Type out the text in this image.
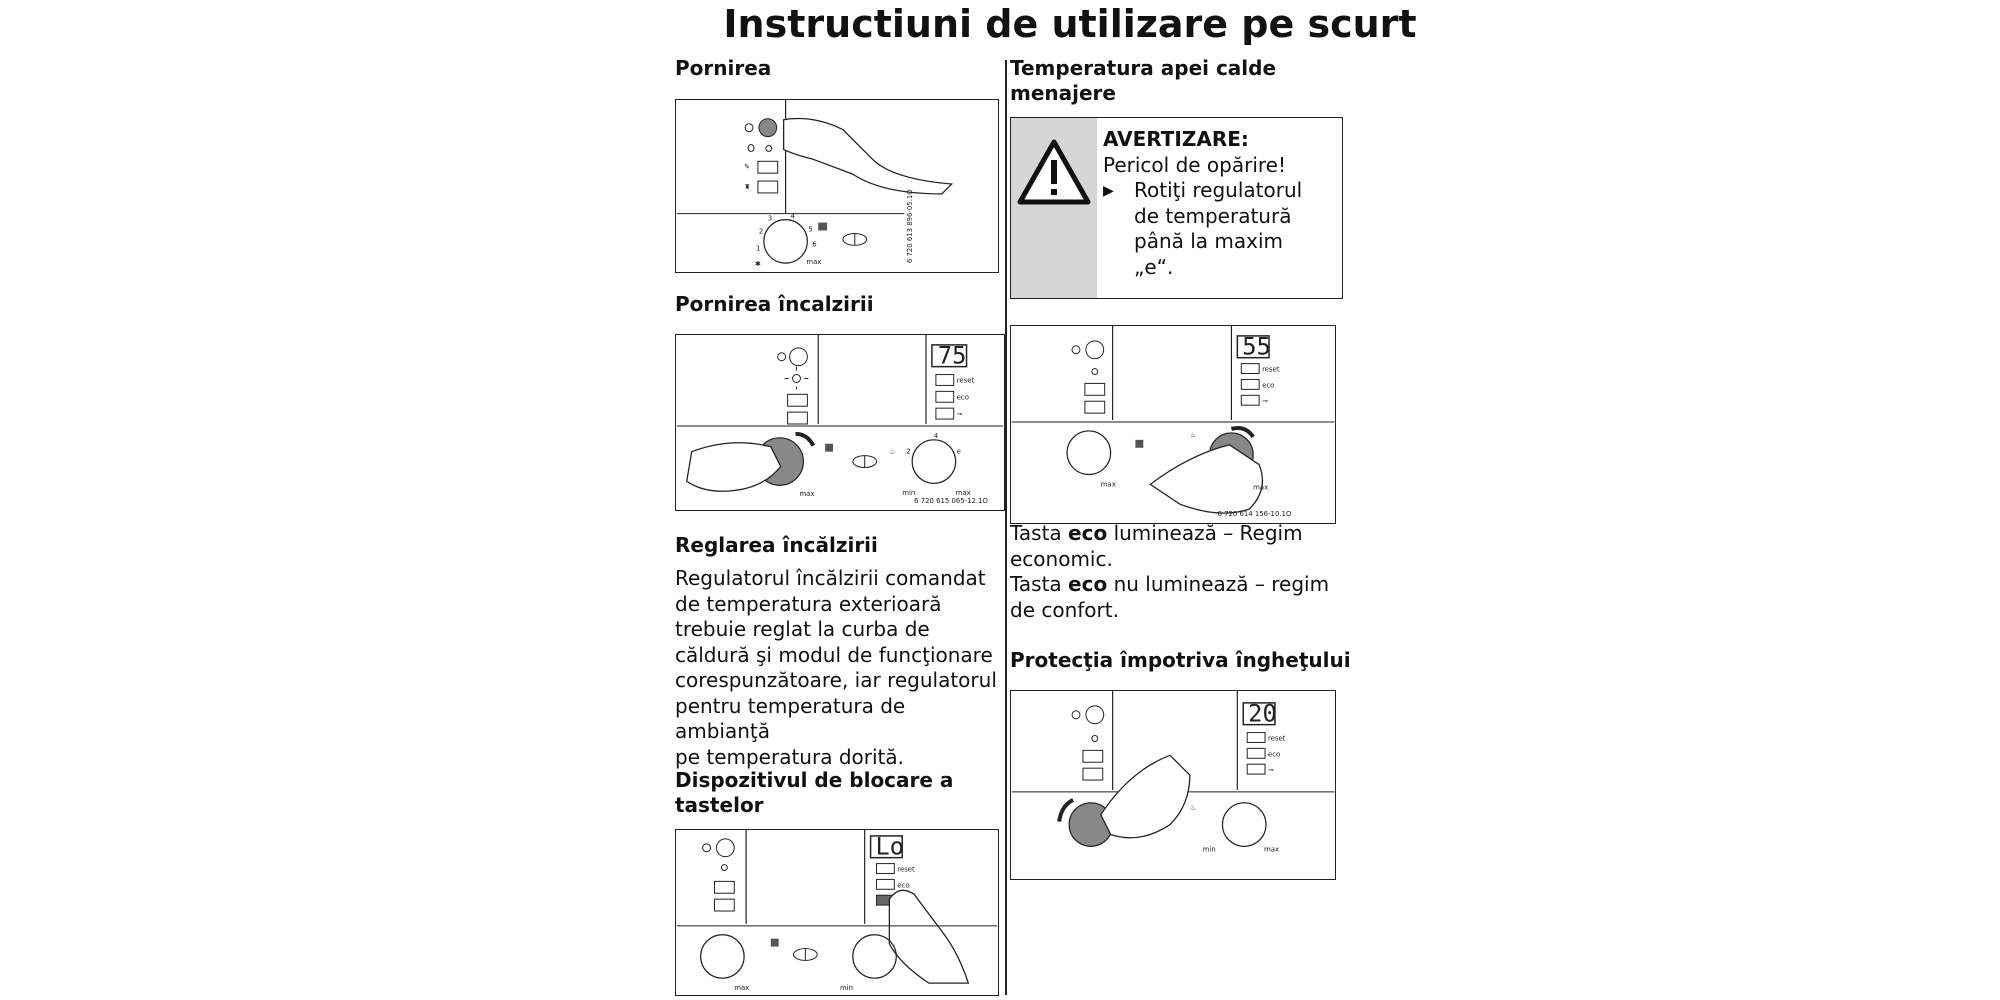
Instructiuni de utilizare pe scurt
Pornirea
✎
♜
2
3	4
5
6
1
max
✱
6 720 613 896-05.1O
Pornirea încalzirii
75
reset
eco
⊸
max
2
4
e
min	max
♨
6 720 615 065-12.1O
Reglarea încălzirii

Regulatorul încălzirii comandat
de temperatura exterioară
trebuie reglat la curba de
căldură şi modul de funcţionare
corespunzătoare, iar regulatorul
pentru temperatura de ambianţă
pe temperatura dorită.

Dispozitivul de blocare a
tastelor
Lo
reset
eco
max	min
Temperatura apei calde
menajere

AVERTIZARE:

Pericol de opărire!

▶ Rotiţi regulatorul
de temperatură
până la maxim
„e“.

55
reset
eco
⊸
max	max
♨
6 720 614 156-10.1O

Tasta eco luminează – Regim
economic.
Tasta eco nu luminează – regim
de confort.

Protecţia împotriva îngheţului
20
reset
eco
⊸
min	max
♨
